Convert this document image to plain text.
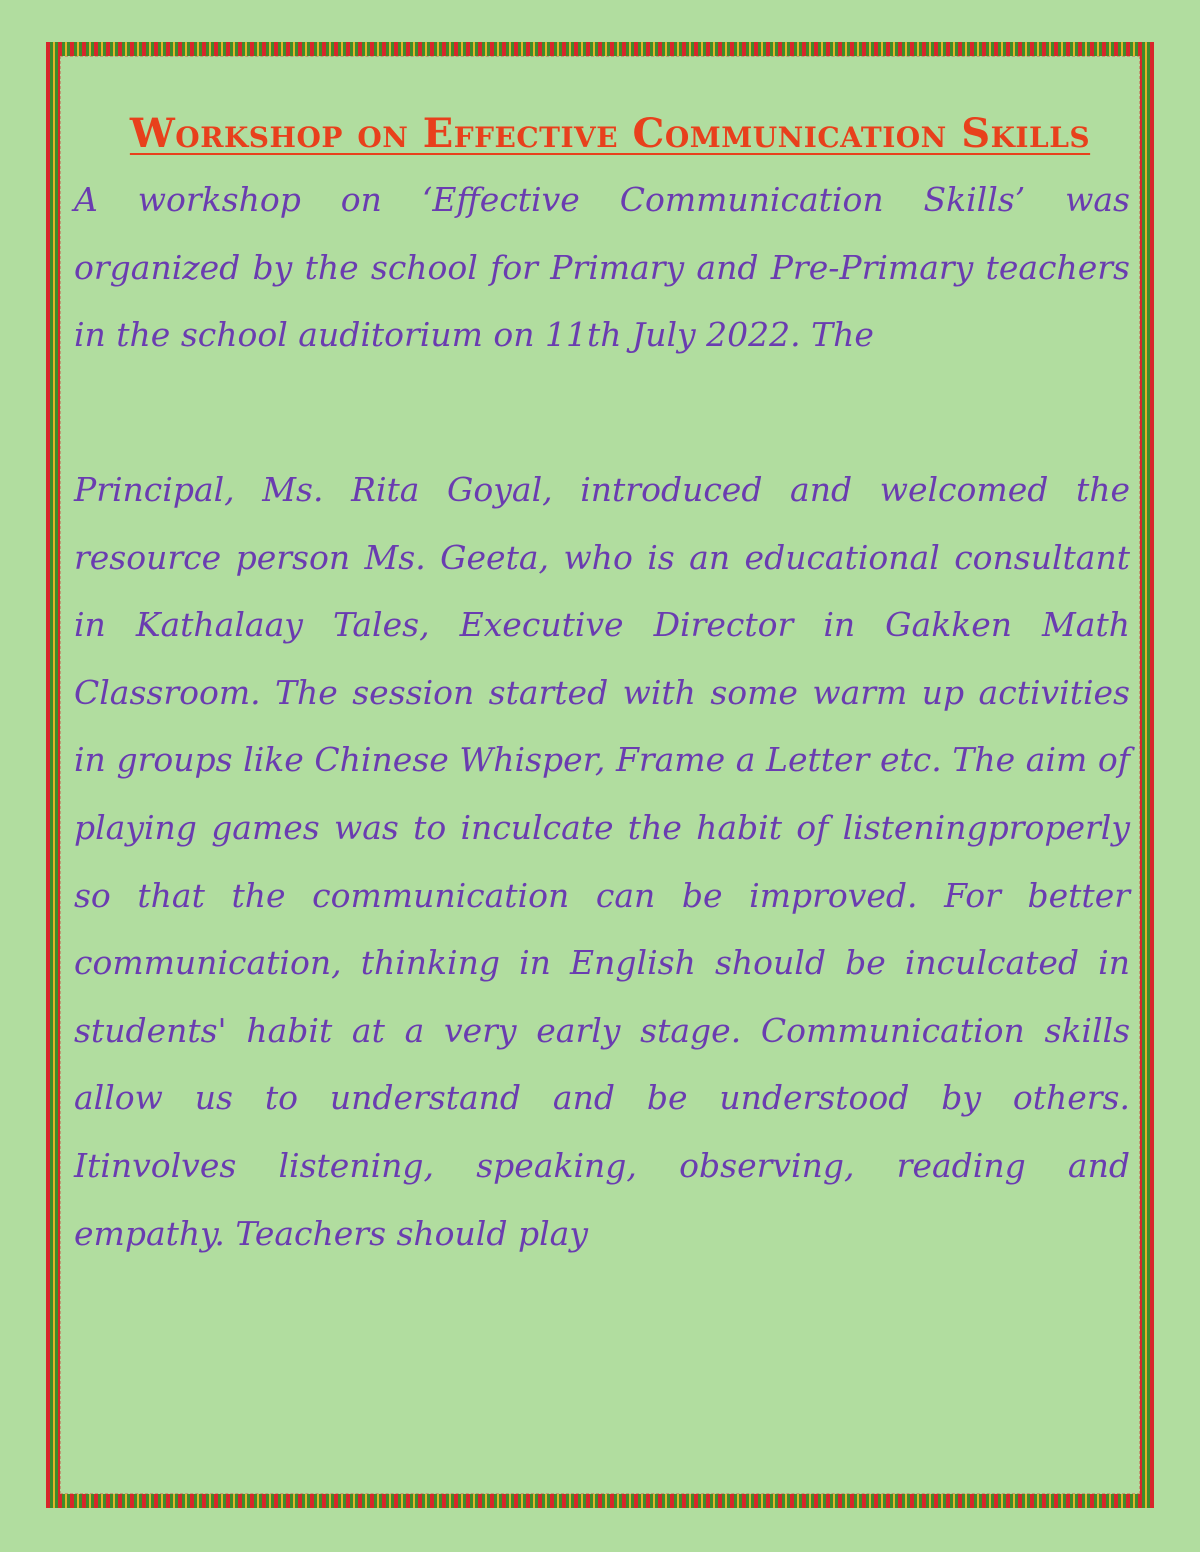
Workshop on Effective Communication Skills

A workshop on ‘Effective Communication Skills’ was organized by the school for Primary and Pre-Primary teachers in the school auditorium on 11th July 2022. The

Principal, Ms. Rita Goyal, introduced and welcomed the resource person Ms. Geeta, who is an educational consultant in Kathalaay Tales, Executive Director in Gakken Math Classroom. The session started with some warm up activities in groups like Chinese Whisper, Frame a Letter etc. The aim of playing games was to inculcate the habit of listeningproperly so that the communication can be improved. For better communication, thinking in English should be inculcated in students' habit at a very early stage. Communication skills allow us to understand and be understood by others. Itinvolves listening, speaking, observing, reading and empathy. Teachers should play
